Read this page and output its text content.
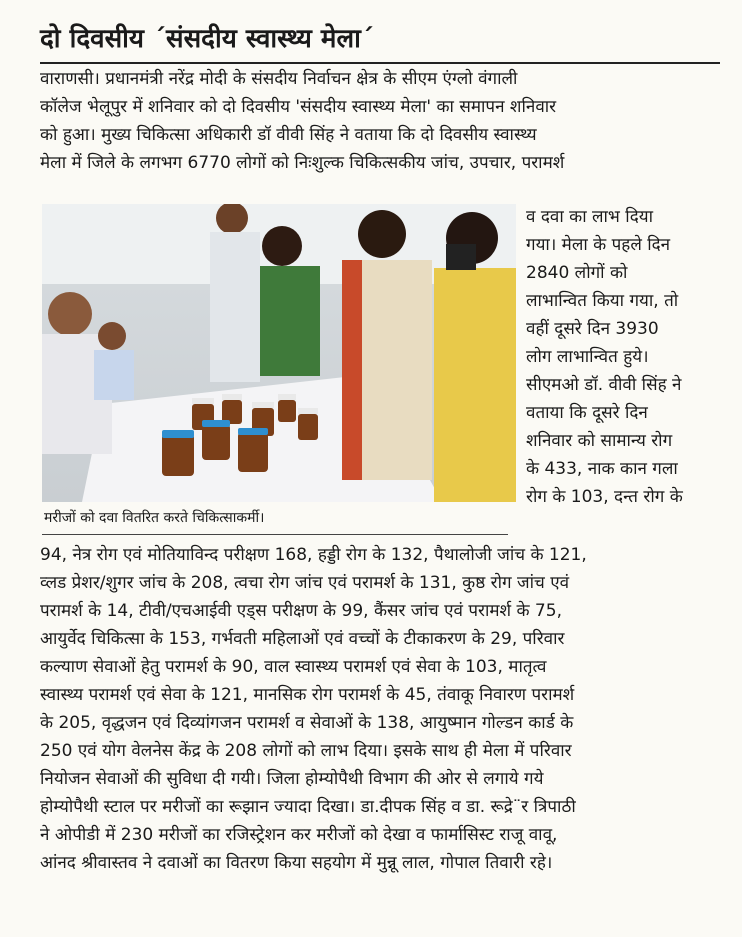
दो दिवसीय ´संसदीय स्वास्थ्य मेला´

वाराणसी। प्रधानमंत्री नरेंद्र मोदी के संसदीय निर्वाचन क्षेत्र के सीएम एंग्लो वंगाली

कॉलेज भेलूपुर में शनिवार को दो दिवसीय 'संसदीय स्वास्थ्य मेला' का समापन शनिवार

को हुआ। मुख्य चिकित्सा अधिकारी डॉ वीवी सिंह ने वताया कि दो दिवसीय स्वास्थ्य

मेला में जिले के लगभग 6770 लोगों को निःशुल्क चिकित्सकीय जांच, उपचार, परामर्श

मरीजों को दवा वितरित करते चिकित्साकर्मी।

व दवा का लाभ दिया

गया। मेला के पहले दिन

2840 लोगों को

लाभान्वित किया गया, तो

वहीं दूसरे दिन 3930

लोग लाभान्वित हुये।

सीएमओ डॉ. वीवी सिंह ने

वताया कि दूसरे दिन

शनिवार को सामान्य रोग

के 433, नाक कान गला

रोग के 103, दन्त रोग के

94, नेत्र रोग एवं मोतियाविन्द परीक्षण 168, हड्डी रोग के 132, पैथालोजी जांच के 121,

व्लड प्रेशर/शुगर जांच के 208, त्वचा रोग जांच एवं परामर्श के 131, कुष्ठ रोग जांच एवं

परामर्श के 14, टीवी/एचआईवी एड्स परीक्षण के 99, कैंसर जांच एवं परामर्श के 75,

आयुर्वेद चिकित्सा के 153, गर्भवती महिलाओं एवं वच्चों के टीकाकरण के 29, परिवार

कल्याण सेवाओं हेतु परामर्श के 90, वाल स्वास्थ्य परामर्श एवं सेवा के 103, मातृत्व

स्वास्थ्य परामर्श एवं सेवा के 121, मानसिक रोग परामर्श के 45, तंवाकू निवारण परामर्श

के 205, वृद्धजन एवं दिव्यांगजन परामर्श व सेवाओं के 138, आयुष्मान गोल्डन कार्ड के

250 एवं योग वेलनेस केंद्र के 208 लोगों को लाभ दिया। इसके साथ ही मेला में परिवार

नियोजन सेवाओं की सुविधा दी गयी। जिला होम्योपैथी विभाग की ओर से लगाये गये

होम्योपैथी स्टाल पर मरीजों का रूझान ज्यादा दिखा। डा.दीपक सिंह व डा. रूद्रे¨र त्रिपाठी

ने ओपीडी में 230 मरीजों का रजिस्ट्रेशन कर मरीजों को देखा व फार्मासिस्ट राजू वावू,

आंनद श्रीवास्तव ने दवाओं का वितरण किया सहयोग में मुन्नू लाल, गोपाल तिवारी रहे।
